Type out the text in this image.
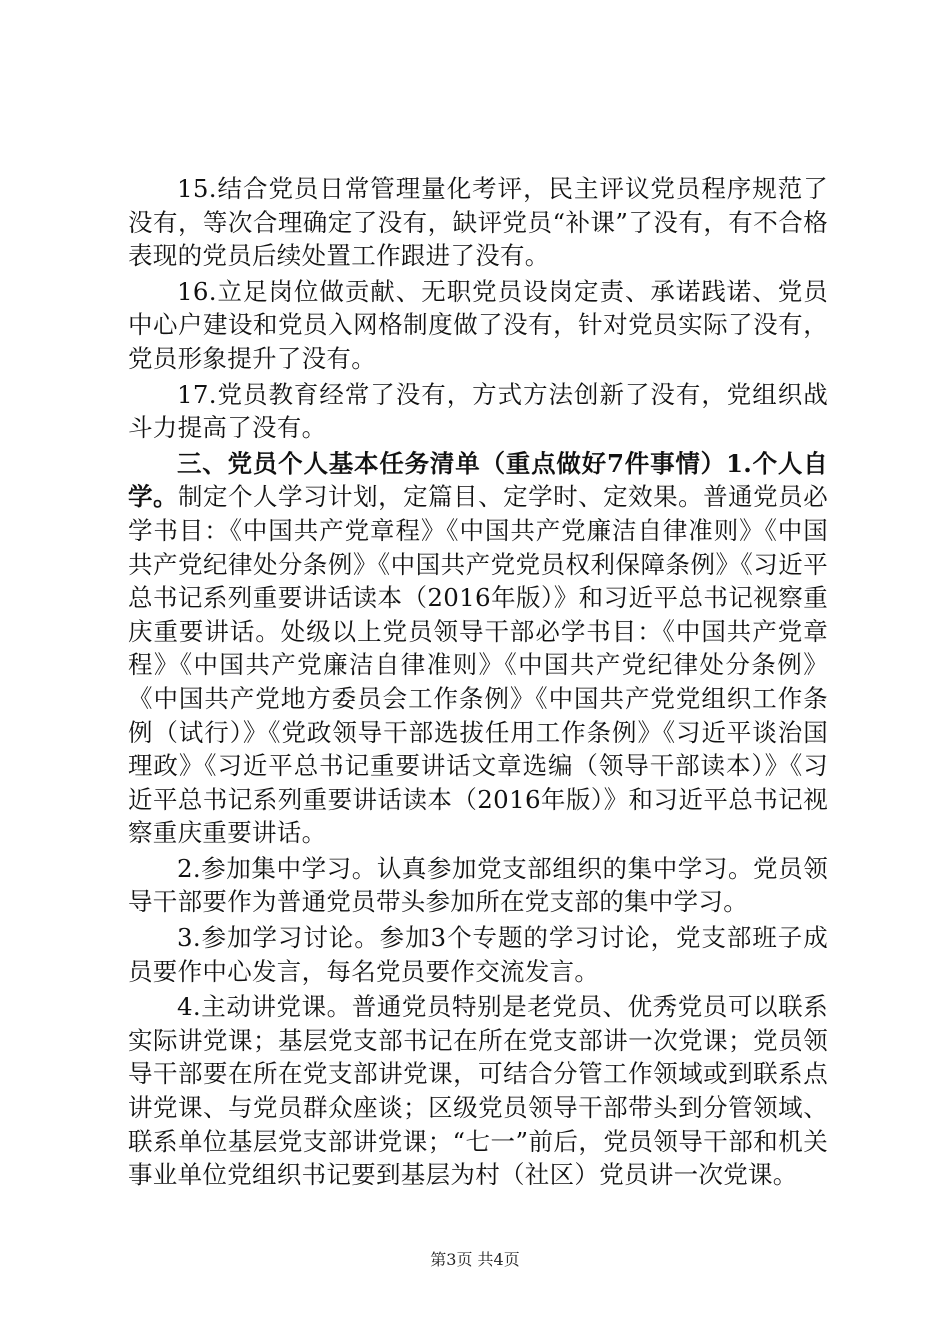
15.结合党员日常管理量化考评，民主评议党员程序规范了没有，等次合理确定了没有，缺评党员“补课”了没有，有不合格表现的党员后续处置工作跟进了没有。

16.立足岗位做贡献、无职党员设岗定责、承诺践诺、党员中心户建设和党员入网格制度做了没有，针对党员实际了没有，党员形象提升了没有。

17.党员教育经常了没有，方式方法创新了没有，党组织战斗力提高了没有。

三、党员个人基本任务清单（重点做好7件事情）1.个人自学。制定个人学习计划，定篇目、定学时、定效果。普通党员必学书目：《中国共产党章程》《中国共产党廉洁自律准则》《中国共产党纪律处分条例》《中国共产党党员权利保障条例》《习近平总书记系列重要讲话读本（2016年版）》和习近平总书记视察重庆重要讲话。处级以上党员领导干部必学书目：《中国共产党章程》《中国共产党廉洁自律准则》《中国共产党纪律处分条例》《中国共产党地方委员会工作条例》《中国共产党党组织工作条例（试行）》《党政领导干部选拔任用工作条例》《习近平谈治国理政》《习近平总书记重要讲话文章选编（领导干部读本）》《习近平总书记系列重要讲话读本（2016年版）》和习近平总书记视察重庆重要讲话。

2.参加集中学习。认真参加党支部组织的集中学习。党员领导干部要作为普通党员带头参加所在党支部的集中学习。

3.参加学习讨论。参加3个专题的学习讨论，党支部班子成员要作中心发言，每名党员要作交流发言。

4.主动讲党课。普通党员特别是老党员、优秀党员可以联系实际讲党课；基层党支部书记在所在党支部讲一次党课；党员领导干部要在所在党支部讲党课，可结合分管工作领域或到联系点讲党课、与党员群众座谈；区级党员领导干部带头到分管领域、联系单位基层党支部讲党课；“七一”前后，党员领导干部和机关事业单位党组织书记要到基层为村（社区）党员讲一次党课。

第3页 共4页
